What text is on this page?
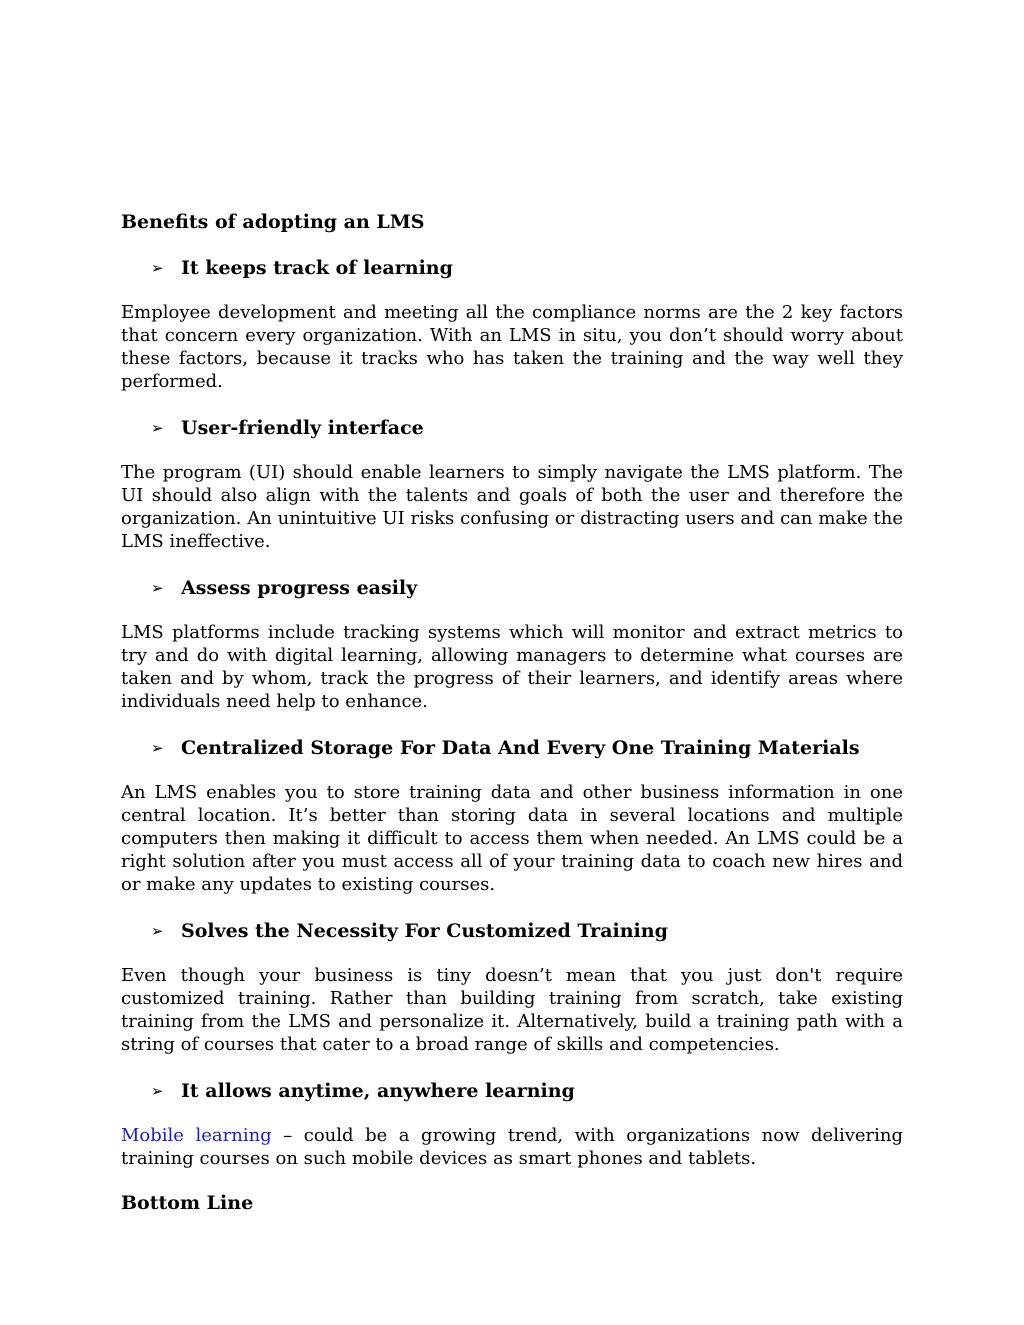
Benefits of adopting an LMS
➢ It keeps track of learning

Employee development and meeting all the compliance norms are the 2 key factors that concern every organization. With an LMS in situ, you don’t should worry about these factors, because it tracks who has taken the training and the way well they performed.

➢ User-friendly interface

The program (UI) should enable learners to simply navigate the LMS platform. The UI should also align with the talents and goals of both the user and therefore the organization. An unintuitive UI risks confusing or distracting users and can make the LMS ineffective.

➢ Assess progress easily

LMS platforms include tracking systems which will monitor and extract metrics to try and do with digital learning, allowing managers to determine what courses are taken and by whom, track the progress of their learners, and identify areas where individuals need help to enhance.

➢ Centralized Storage For Data And Every One Training Materials

An LMS enables you to store training data and other business information in one central location. It’s better than storing data in several locations and multiple computers then making it difficult to access them when needed. An LMS could be a right solution after you must access all of your training data to coach new hires and or make any updates to existing courses.

➢ Solves the Necessity For Customized Training

Even though your business is tiny doesn’t mean that you just don't require customized training. Rather than building training from scratch, take existing training from the LMS and personalize it. Alternatively, build a training path with a string of courses that cater to a broad range of skills and competencies.

➢ It allows anytime, anywhere learning

Mobile learning – could be a growing trend, with organizations now delivering training courses on such mobile devices as smart phones and tablets.

Bottom Line
